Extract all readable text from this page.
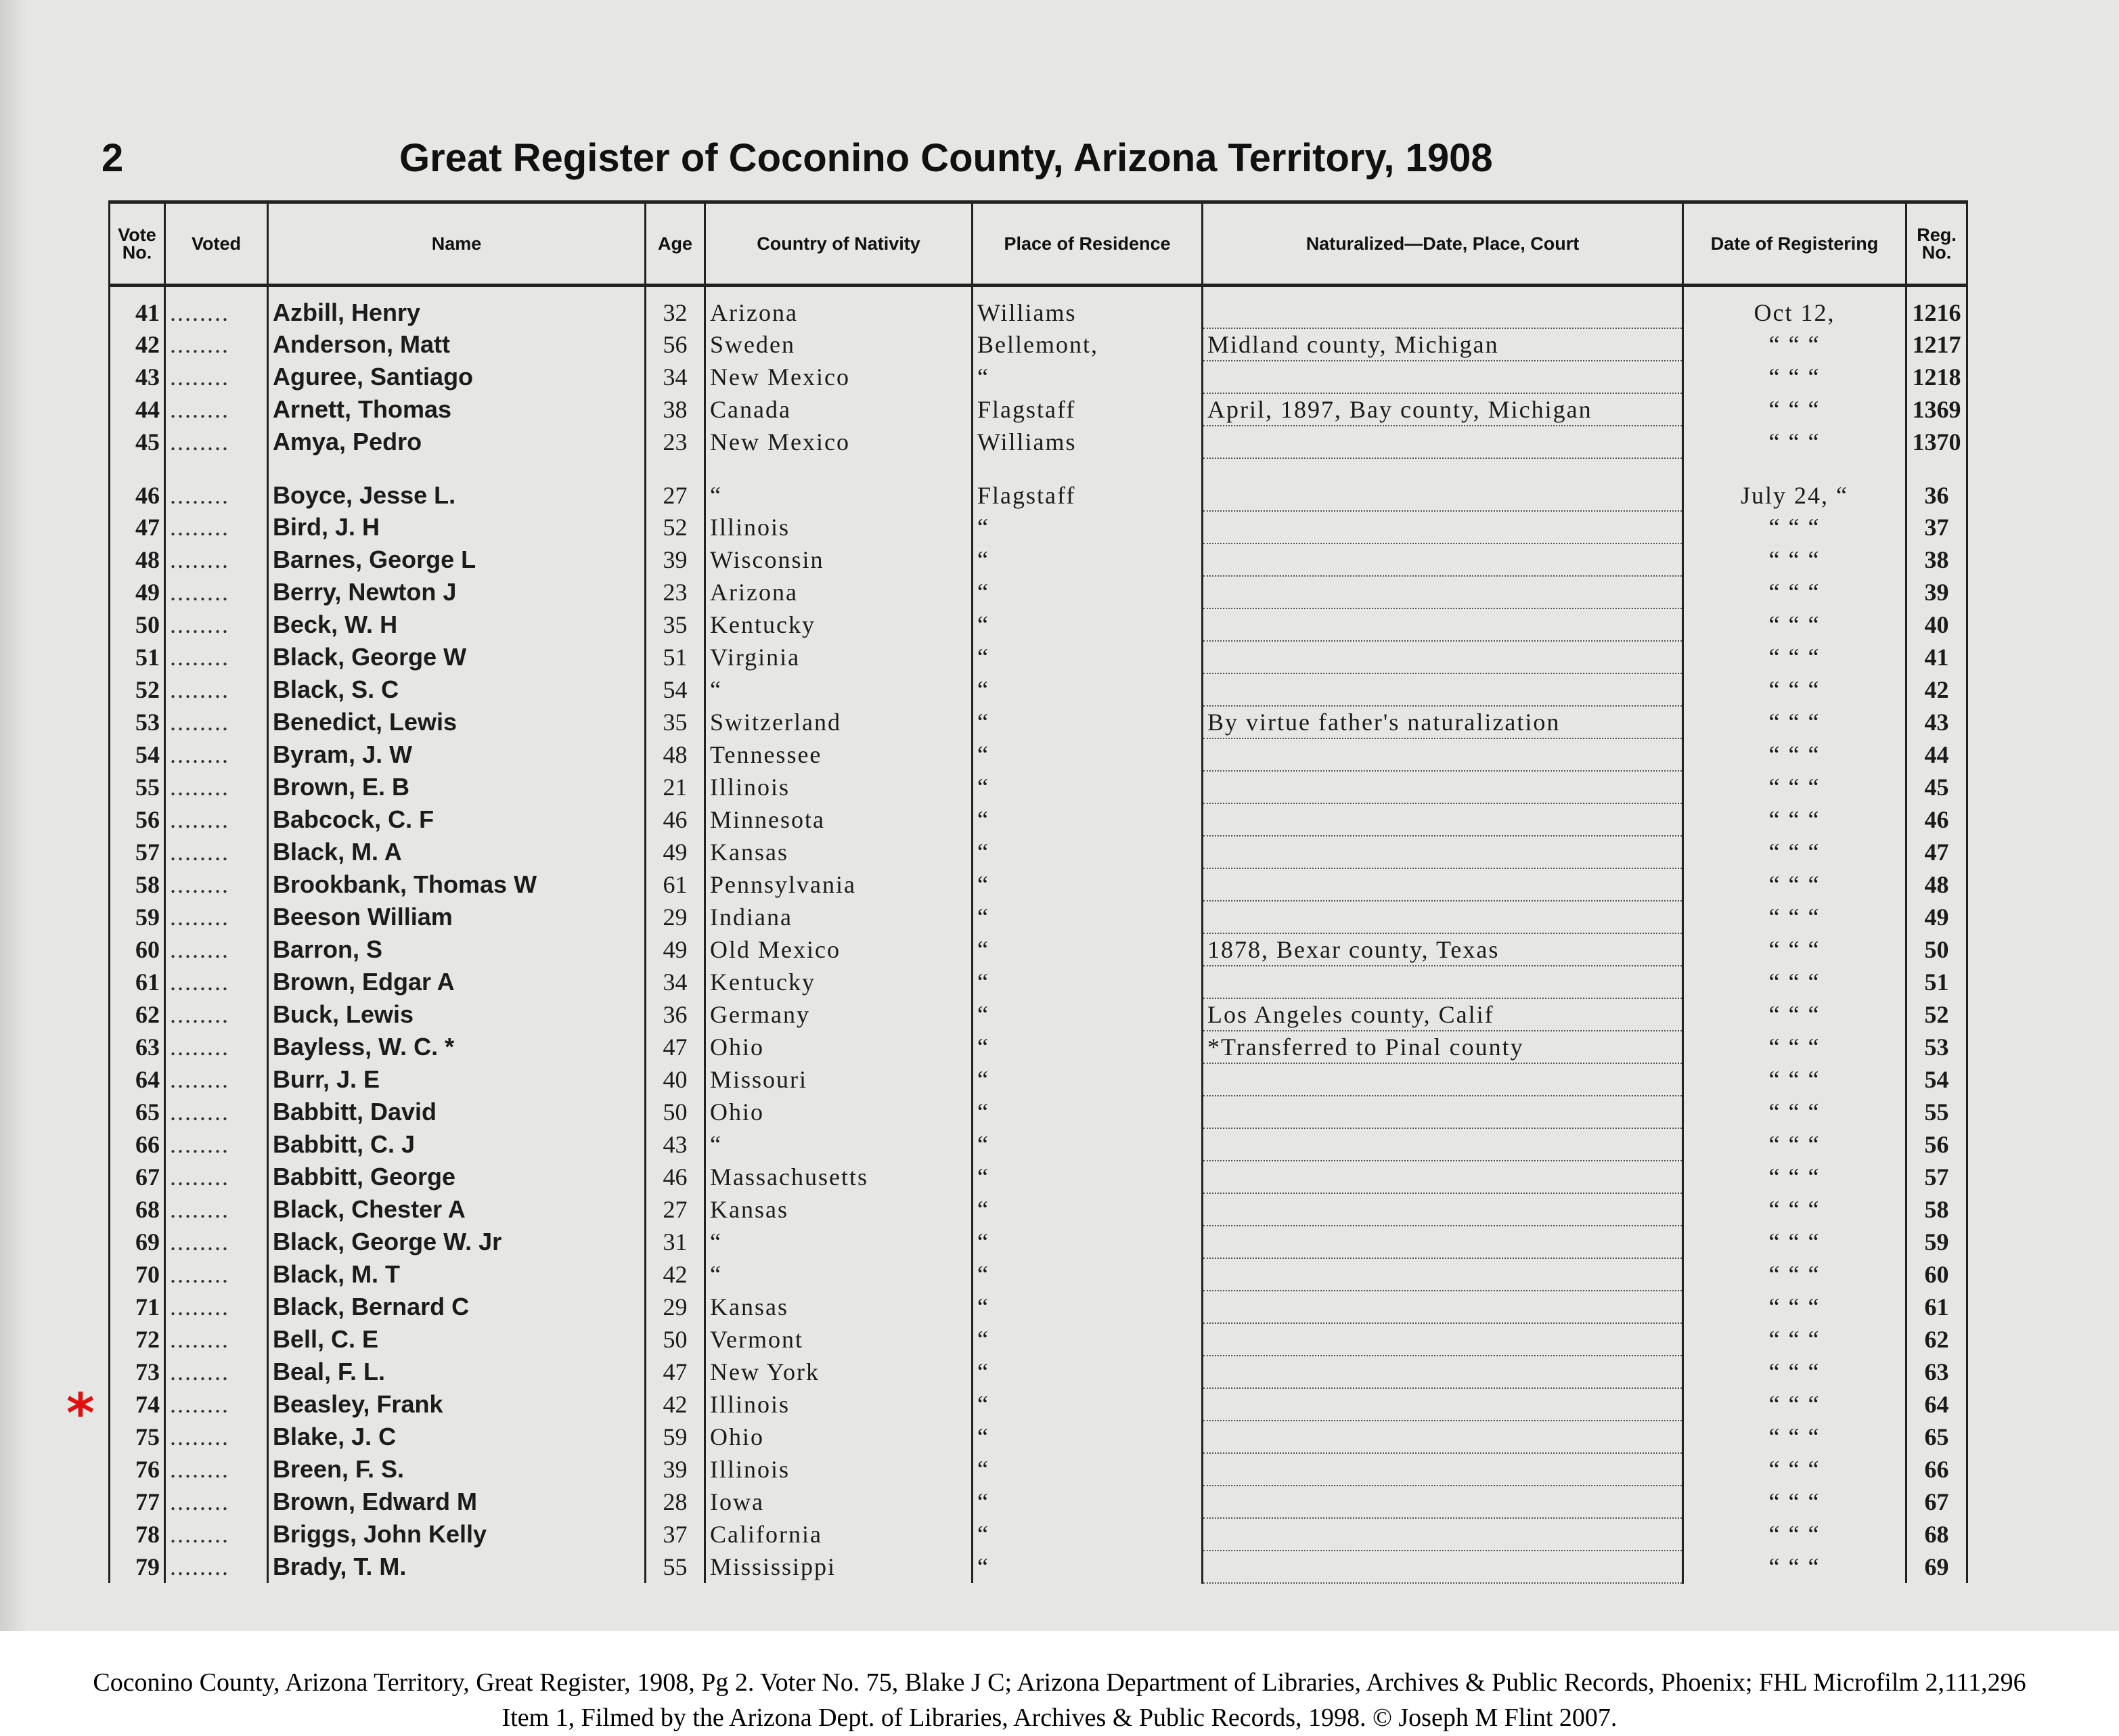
2	Great Register of Coconino County, Arizona Territory, 1908
Vote No.	Voted	Name	Age	Country of Nativity	Place of Residence	Naturalized—Date, Place, Court	Date of Registering	Reg. No.
41	........	Azbill, Henry	32	Arizona	Williams		Oct 12,	1216
42	........	Anderson, Matt	56	Sweden	Bellemont,	Midland county, Michigan	“ “ “	1217
43	........	Aguree, Santiago	34	New Mexico	“		“ “ “	1218
44	........	Arnett, Thomas	38	Canada	Flagstaff	April, 1897, Bay county, Michigan	“ “ “	1369
45	........	Amya, Pedro	23	New Mexico	Williams		“ “ “	1370

46	........	Boyce, Jesse L.	27	“	Flagstaff		July 24, “	36
47	........	Bird, J. H	52	Illinois	“		“ “ “	37
48	........	Barnes, George L	39	Wisconsin	“		“ “ “	38
49	........	Berry, Newton J	23	Arizona	“		“ “ “	39
50	........	Beck, W. H	35	Kentucky	“		“ “ “	40
51	........	Black, George W	51	Virginia	“		“ “ “	41
52	........	Black, S. C	54	“	“		“ “ “	42
53	........	Benedict, Lewis	35	Switzerland	“	By virtue father's naturalization	“ “ “	43
54	........	Byram, J. W	48	Tennessee	“		“ “ “	44
55	........	Brown, E. B	21	Illinois	“		“ “ “	45
56	........	Babcock, C. F	46	Minnesota	“		“ “ “	46
57	........	Black, M. A	49	Kansas	“		“ “ “	47
58	........	Brookbank, Thomas W	61	Pennsylvania	“		“ “ “	48
59	........	Beeson William	29	Indiana	“		“ “ “	49
60	........	Barron, S	49	Old Mexico	“	1878, Bexar county, Texas	“ “ “	50
61	........	Brown, Edgar A	34	Kentucky	“		“ “ “	51
62	........	Buck, Lewis	36	Germany	“	Los Angeles county, Calif	“ “ “	52
63	........	Bayless, W. C. *	47	Ohio	“	*Transferred to Pinal county	“ “ “	53
64	........	Burr, J. E	40	Missouri	“		“ “ “	54
65	........	Babbitt, David	50	Ohio	“		“ “ “	55
66	........	Babbitt, C. J	43	“	“		“ “ “	56
67	........	Babbitt, George	46	Massachusetts	“		“ “ “	57
68	........	Black, Chester A	27	Kansas	“		“ “ “	58
69	........	Black, George W. Jr	31	“	“		“ “ “	59
70	........	Black, M. T	42	“	“		“ “ “	60
71	........	Black, Bernard C	29	Kansas	“		“ “ “	61
72	........	Bell, C. E	50	Vermont	“		“ “ “	62
73	........	Beal, F. L.	47	New York	“		“ “ “	63
74	........	Beasley, Frank	42	Illinois	“		“ “ “	64
75	........	Blake, J. C	59	Ohio	“		“ “ “	65
76	........	Breen, F. S.	39	Illinois	“		“ “ “	66
77	........	Brown, Edward M	28	Iowa	“		“ “ “	67
78	........	Briggs, John Kelly	37	California	“		“ “ “	68
79	........	Brady, T. M.	55	Mississippi	“		“ “ “	69
*
Coconino County, Arizona Territory, Great Register, 1908, Pg 2. Voter No. 75, Blake J C; Arizona Department of Libraries, Archives & Public Records, Phoenix; FHL Microfilm 2,111,296
Item 1, Filmed by the Arizona Dept. of Libraries, Archives & Public Records, 1998. © Joseph M Flint 2007.
